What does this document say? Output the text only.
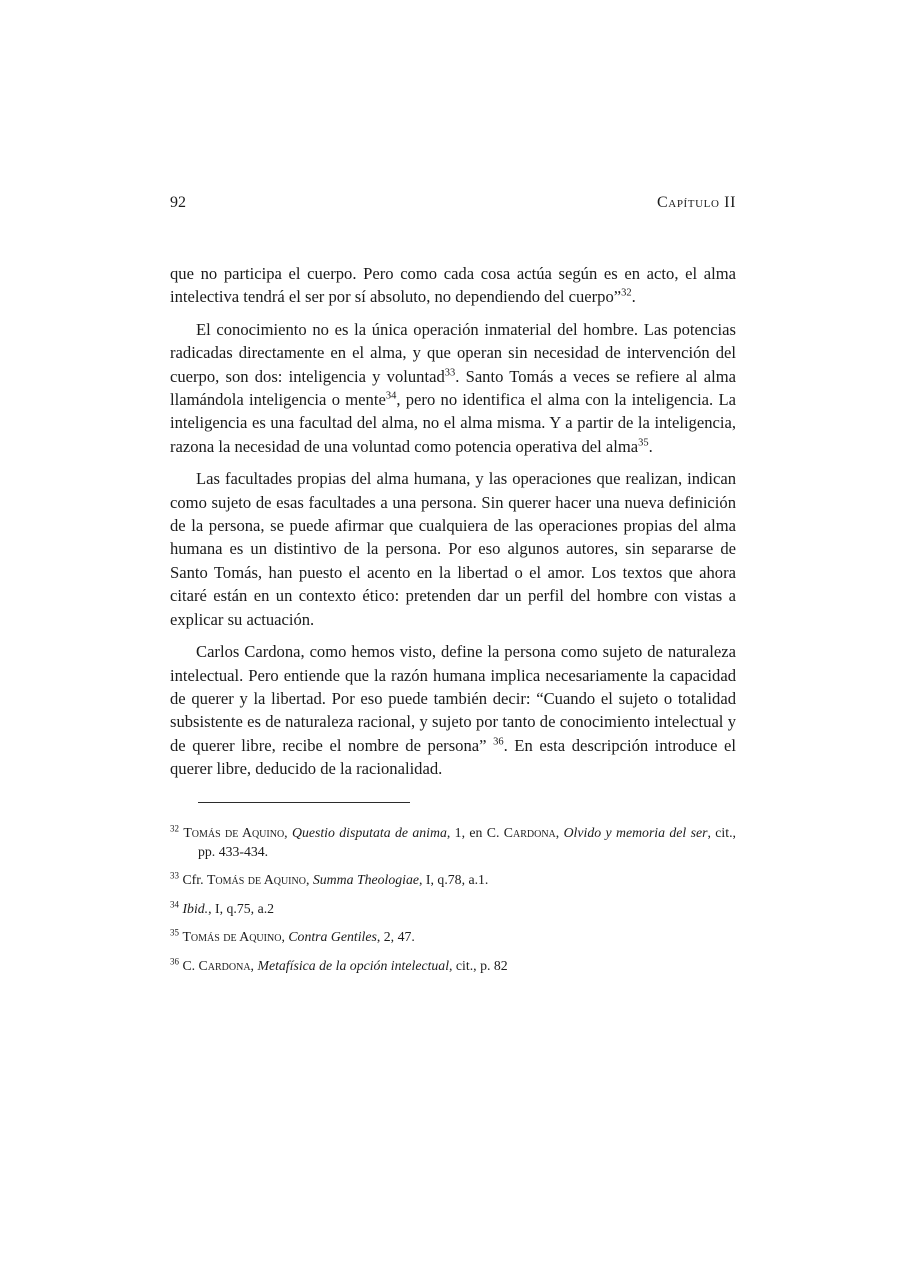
92	Capítulo II

que no participa el cuerpo. Pero como cada cosa actúa según es en acto, el alma intelectiva tendrá el ser por sí absoluto, no dependiendo del cuerpo”$^{32}$.

El conocimiento no es la única operación inmaterial del hombre. Las potencias radicadas directamente en el alma, y que operan sin necesidad de intervención del cuerpo, son dos: inteligencia y voluntad$^{33}$. Santo Tomás a veces se refiere al alma llamándola inteligencia o mente$^{34}$, pero no identifica el alma con la inteligencia. La inteligencia es una facultad del alma, no el alma misma. Y a partir de la inteligencia, razona la necesidad de una voluntad como potencia operativa del alma$^{35}$.

Las facultades propias del alma humana, y las operaciones que realizan, indican como sujeto de esas facultades a una persona. Sin querer hacer una nueva definición de la persona, se puede afirmar que cualquiera de las operaciones propias del alma humana es un distintivo de la persona. Por eso algunos autores, sin separarse de Santo Tomás, han puesto el acento en la libertad o el amor. Los textos que ahora citaré están en un contexto ético: pretenden dar un perfil del hombre con vistas a explicar su actuación.

Carlos Cardona, como hemos visto, define la persona como sujeto de naturaleza intelectual. Pero entiende que la razón humana implica necesariamente la capacidad de querer y la libertad. Por eso puede también decir: “Cuando el sujeto o totalidad subsistente es de naturaleza racional, y sujeto por tanto de conocimiento intelectual y de querer libre, recibe el nombre de persona” $^{36}$. En esta descripción introduce el querer libre, deducido de la racionalidad.

$^{32}$ Tomás de Aquino, Questio disputata de anima, 1, en C. Cardona, Olvido y memoria del ser, cit., pp. 433-434.
$^{33}$ Cfr. Tomás de Aquino, Summa Theologiae, I, q.78, a.1.
$^{34}$ Ibid., I, q.75, a.2
$^{35}$ Tomás de Aquino, Contra Gentiles, 2, 47.
$^{36}$ C. Cardona, Metafísica de la opción intelectual, cit., p. 82
